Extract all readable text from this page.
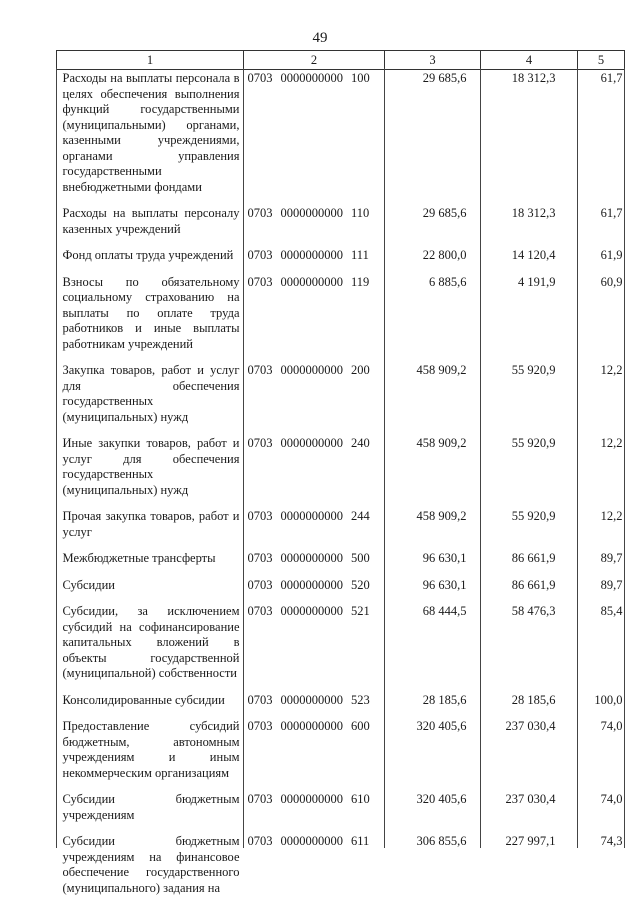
49
1	2	3	4	5
Расходы на выплаты персонала в целях обеспечения выполнения функций государственными (муниципальными) органами, казенными учреждениями, органами управления государственными внебюджетными фондами	0703 0000000000 100	29 685,6	18 312,3	61,7
Расходы на выплаты персоналу казенных учреждений	0703 0000000000 110	29 685,6	18 312,3	61,7
Фонд оплаты труда учреждений	0703 0000000000 111	22 800,0	14 120,4	61,9
Взносы по обязательному социальному страхованию на выплаты по оплате труда работников и иные выплаты работникам учреждений	0703 0000000000 119	6 885,6	4 191,9	60,9
Закупка товаров, работ и услуг для обеспечения государственных (муниципальных) нужд	0703 0000000000 200	458 909,2	55 920,9	12,2
Иные закупки товаров, работ и услуг для обеспечения государственных (муниципальных) нужд	0703 0000000000 240	458 909,2	55 920,9	12,2
Прочая закупка товаров, работ и услуг	0703 0000000000 244	458 909,2	55 920,9	12,2
Межбюджетные трансферты	0703 0000000000 500	96 630,1	86 661,9	89,7
Субсидии	0703 0000000000 520	96 630,1	86 661,9	89,7
Субсидии, за исключением субсидий на софинансирование капитальных вложений в объекты государственной (муниципальной) собственности	0703 0000000000 521	68 444,5	58 476,3	85,4
Консолидированные субсидии	0703 0000000000 523	28 185,6	28 185,6	100,0
Предоставление субсидий бюджетным, автономным учреждениям и иным некоммерческим организациям	0703 0000000000 600	320 405,6	237 030,4	74,0
Субсидии бюджетным учреждениям	0703 0000000000 610	320 405,6	237 030,4	74,0
Субсидии бюджетным учреждениям на финансовое обеспечение государственного (муниципального) задания на	0703 0000000000 611	306 855,6	227 997,1	74,3
